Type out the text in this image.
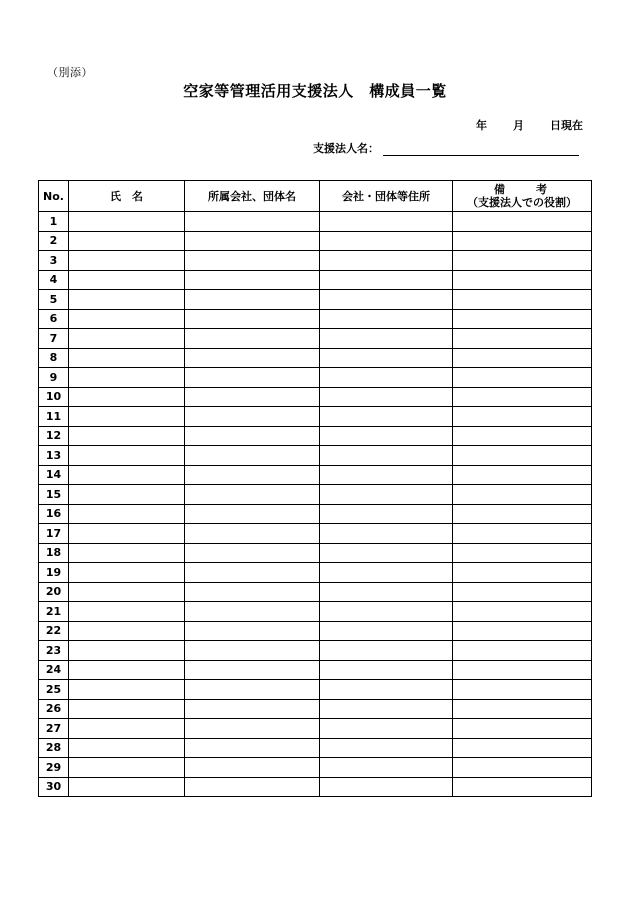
（別添）
空家等管理活用支援法人　構成員一覧
年 月 日現在
支援法人名：
No.	氏　名	所属会社、団体名	会社・団体等住所	備　　考
（支援法人での役割）

1				
2				
3				
4				
5				
6				
7				
8				
9				
10				
11				
12				
13				
14				
15				
16				
17				
18				
19				
20				
21				
22				
23				
24				
25				
26				
27				
28				
29				
30				
